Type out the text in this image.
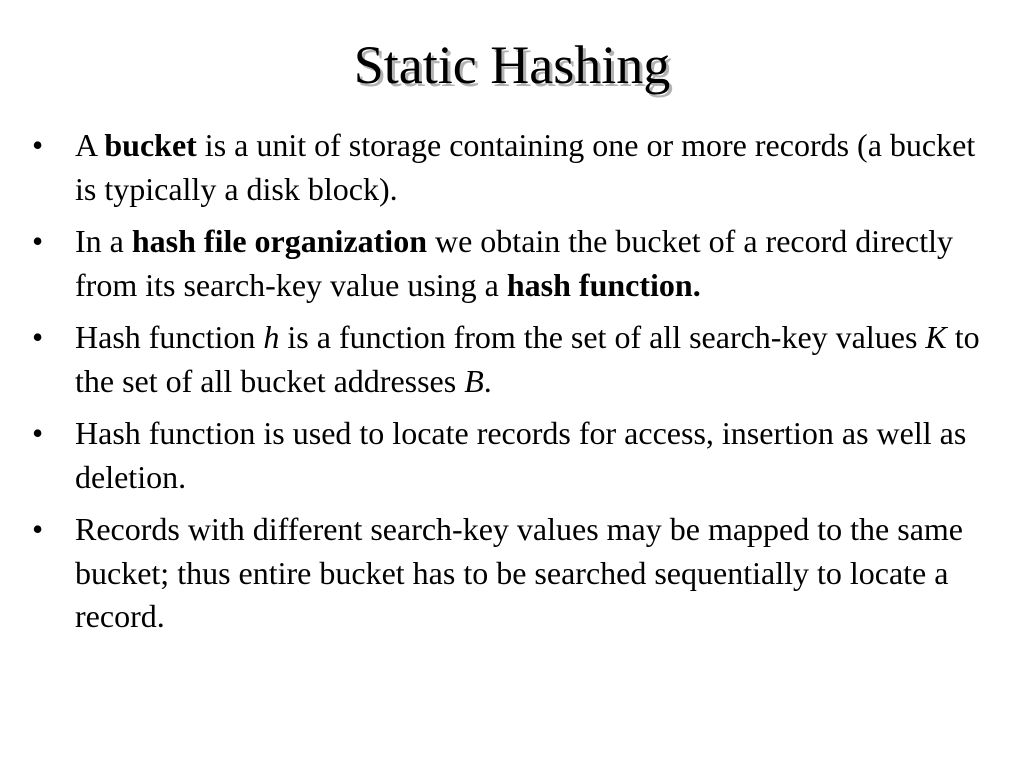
Static Hashing
• A bucket is a unit of storage containing one or more records (a bucket is typically a disk block).
• In a hash file organization we obtain the bucket of a record directly from its search-key value using a hash function.
• Hash function h is a function from the set of all search-key values K to the set of all bucket addresses B.
• Hash function is used to locate records for access, insertion as well as deletion.
• Records with different search-key values may be mapped to the same bucket; thus entire bucket has to be searched sequentially to locate a record.
